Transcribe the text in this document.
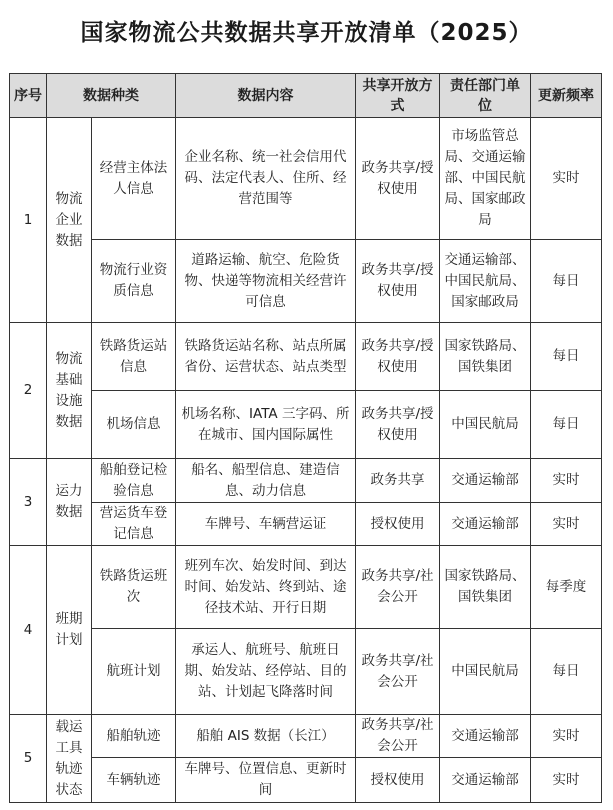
国家物流公共数据共享开放清单（2025）
序号	数据种类		数据内容	共享开放方式	责任部门单位	更新频率
1	物流企业数据	经营主体法人信息	企业名称、统一社会信用代码、法定代表人、住所、经营范围等	政务共享/授权使用	市场监管总局、交通运输部、中国民航局、国家邮政局	实时
		物流行业资质信息	道路运输、航空、危险货物、快递等物流相关经营许可信息	政务共享/授权使用	交通运输部、中国民航局、国家邮政局	每日
2	物流基础设施数据	铁路货运站信息	铁路货运站名称、站点所属省份、运营状态、站点类型	政务共享/授权使用	国家铁路局、国铁集团	每日
		机场信息	机场名称、IATA 三字码、所在城市、国内国际属性	政务共享/授权使用	中国民航局	每日
3	运力数据	船舶登记检验信息	船名、船型信息、建造信息、动力信息	政务共享	交通运输部	实时
		营运货车登记信息	车牌号、车辆营运证	授权使用	交通运输部	实时
4	班期计划	铁路货运班次	班列车次、始发时间、到达时间、始发站、终到站、途径技术站、开行日期	政务共享/社会公开	国家铁路局、国铁集团	每季度
		航班计划	承运人、航班号、航班日期、始发站、经停站、目的站、计划起飞降落时间	政务共享/社会公开	中国民航局	每日
5	载运工具轨迹状态	船舶轨迹	船舶 AIS 数据（长江）	政务共享/社会公开	交通运输部	实时
		车辆轨迹	车牌号、位置信息、更新时间	授权使用	交通运输部	实时
